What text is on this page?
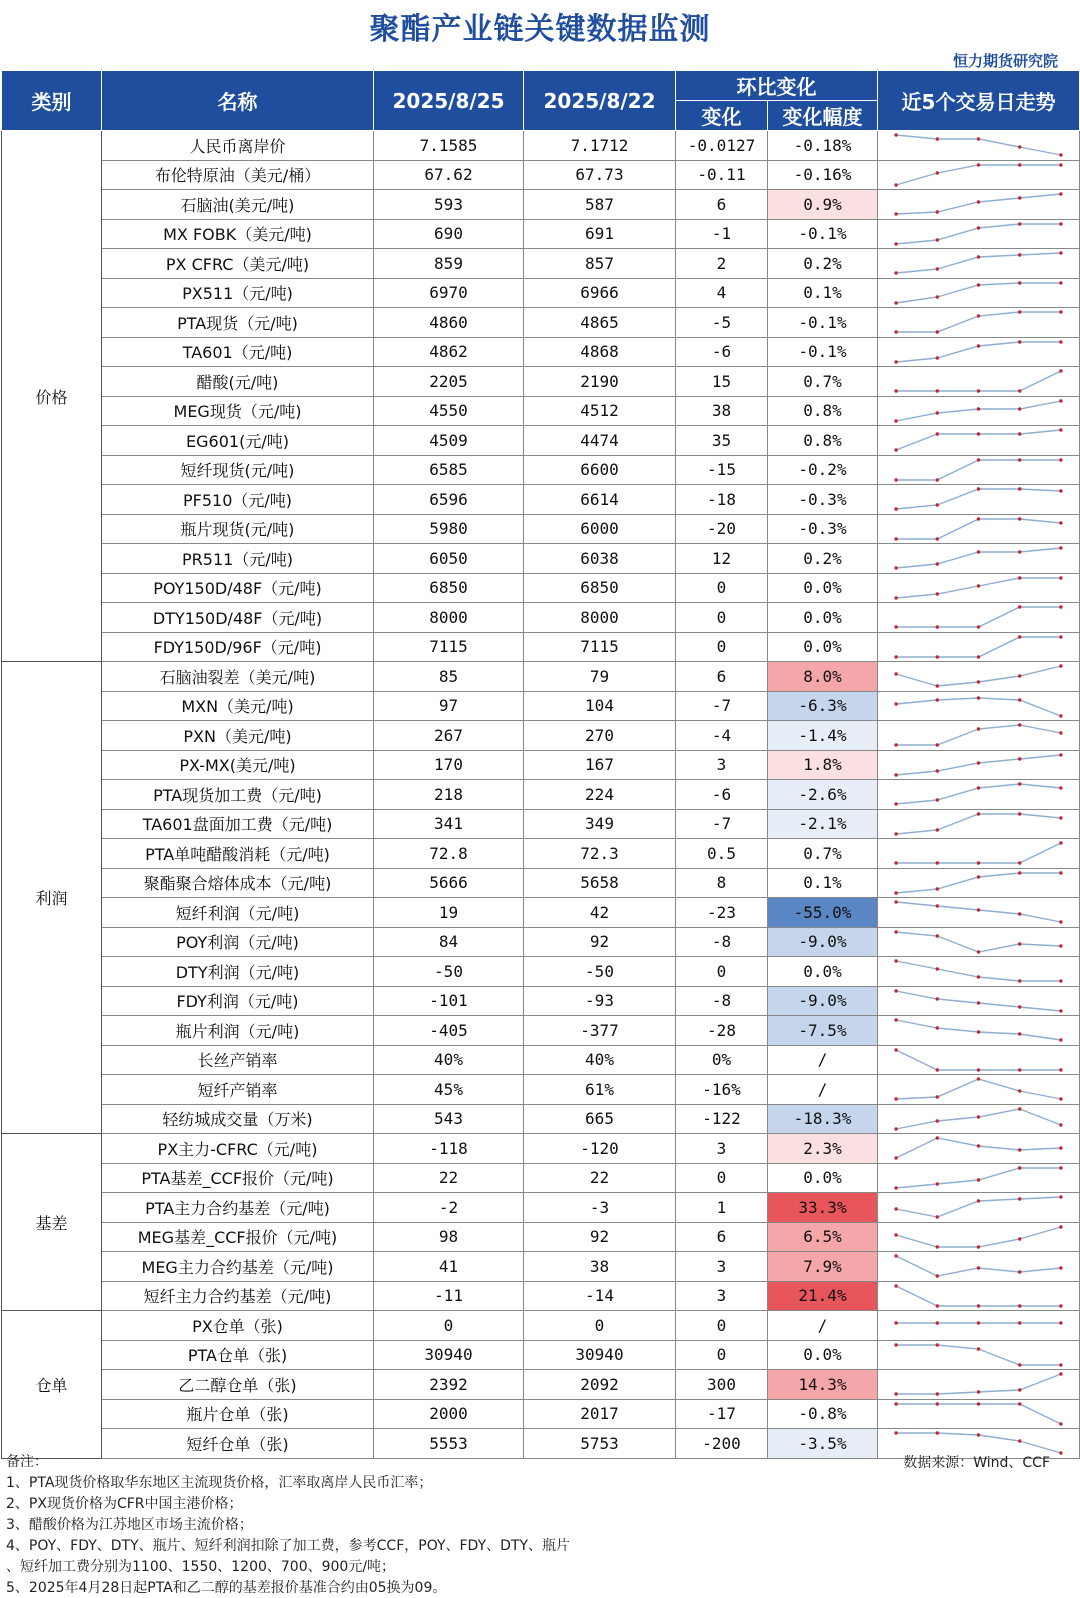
聚酯产业链关键数据监测
恒力期货研究院
类别	名称	2025/8/25	2025/8/22	环比变化		近5个交易日走势
				变化	变化幅度	
价格	人民币离岸价	7.1585	7.1712	-0.0127	-0.18%	

	布伦特原油（美元/桶）	67.62	67.73	-0.11	-0.16%	

	石脑油(美元/吨)	593	587	6	0.9%	

	MX FOBK（美元/吨)	690	691	-1	-0.1%	

	PX CFRC（美元/吨)	859	857	2	0.2%	

	PX511（元/吨)	6970	6966	4	0.1%	

	PTA现货（元/吨)	4860	4865	-5	-0.1%	

	TA601（元/吨)	4862	4868	-6	-0.1%	

	醋酸(元/吨)	2205	2190	15	0.7%	

	MEG现货（元/吨)	4550	4512	38	0.8%	

	EG601(元/吨)	4509	4474	35	0.8%	

	短纤现货(元/吨)	6585	6600	-15	-0.2%	

	PF510（元/吨)	6596	6614	-18	-0.3%	

	瓶片现货(元/吨)	5980	6000	-20	-0.3%	

	PR511（元/吨)	6050	6038	12	0.2%	

	POY150D/48F（元/吨)	6850	6850	0	0.0%	

	DTY150D/48F（元/吨)	8000	8000	0	0.0%	

	FDY150D/96F（元/吨)	7115	7115	0	0.0%	

利润	石脑油裂差（美元/吨)	85	79	6	8.0%	

	MXN（美元/吨)	97	104	-7	-6.3%	

	PXN（美元/吨)	267	270	-4	-1.4%	

	PX-MX(美元/吨)	170	167	3	1.8%	

	PTA现货加工费（元/吨)	218	224	-6	-2.6%	

	TA601盘面加工费（元/吨)	341	349	-7	-2.1%	

	PTA单吨醋酸消耗（元/吨)	72.8	72.3	0.5	0.7%	

	聚酯聚合熔体成本（元/吨)	5666	5658	8	0.1%	

	短纤利润（元/吨)	19	42	-23	-55.0%	

	POY利润（元/吨)	84	92	-8	-9.0%	

	DTY利润（元/吨)	-50	-50	0	0.0%	

	FDY利润（元/吨)	-101	-93	-8	-9.0%	

	瓶片利润（元/吨)	-405	-377	-28	-7.5%	

	长丝产销率	40%	40%	0%	/	

	短纤产销率	45%	61%	-16%	/	

	轻纺城成交量（万米)	543	665	-122	-18.3%	

基差	PX主力-CFRC（元/吨)	-118	-120	3	2.3%	

	PTA基差_CCF报价（元/吨)	22	22	0	0.0%	

	PTA主力合约基差（元/吨)	-2	-3	1	33.3%	

	MEG基差_CCF报价（元/吨)	98	92	6	6.5%	

	MEG主力合约基差（元/吨)	41	38	3	7.9%	

	短纤主力合约基差（元/吨)	-11	-14	3	21.4%	

仓单	PX仓单（张)	0	0	0	/	

	PTA仓单（张)	30940	30940	0	0.0%	

	乙二醇仓单（张)	2392	2092	300	14.3%	

	瓶片仓单（张)	2000	2017	-17	-0.8%	

	短纤仓单（张)	5553	5753	-200	-3.5%	
备注：
1、PTA现货价格取华东地区主流现货价格，汇率取离岸人民币汇率；
2、PX现货价格为CFR中国主港价格；
3、醋酸价格为江苏地区市场主流价格；
4、POY、FDY、DTY、瓶片、短纤利润扣除了加工费，参考CCF，POY、FDY、DTY、瓶片
、短纤加工费分别为1100、1550、1200、700、900元/吨；
5、2025年4月28日起PTA和乙二醇的基差报价基准合约由05换为09。
数据来源：Wind、CCF
